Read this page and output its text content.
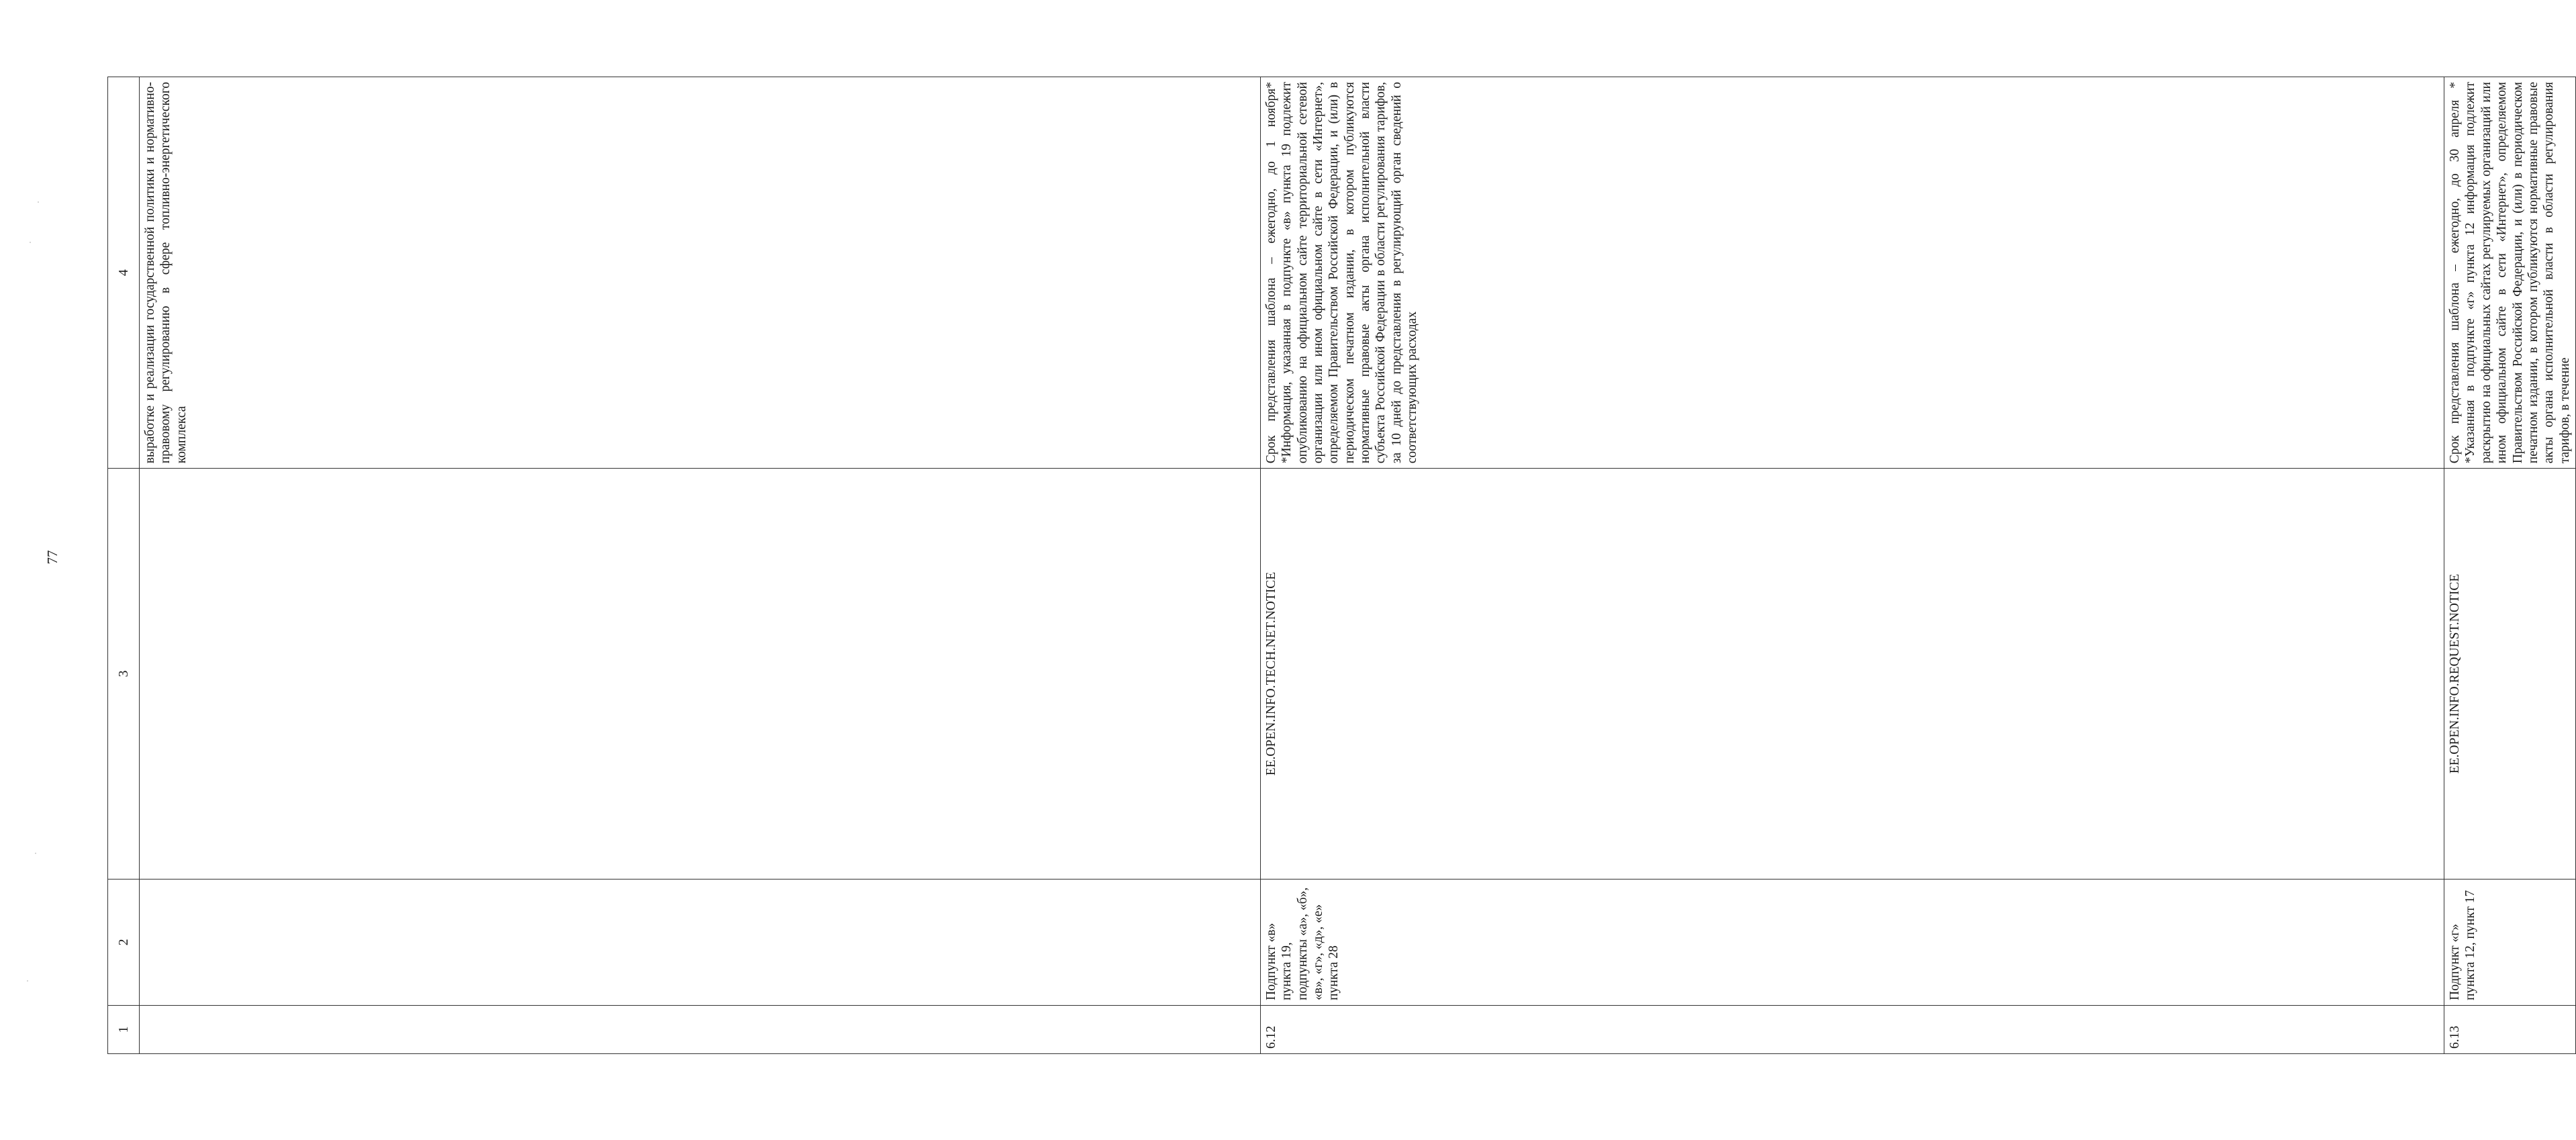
77
1	2	3	4	
			выработке и реализации государственной политики и нормативно-правовому регулированию в сфере топливно-энергетического комплекса	
6.12	Подпункт «в» пункта 19, подпункты «а», «б», «в», «г», «д», «е» пункта 28	EE.OPEN.INFO.TECH.NET.NOTICE	Срок представления шаблона – ежегодно, до 1 ноября* *Информация, указанная в подпункте «в» пункта 19 подлежит опубликованию на официальном сайте территориальной сетевой организации или ином официальном сайте в сети «Интернет», определяемом Правительством Российской Федерации, и (или) в периодическом печатном издании, в котором публикуются нормативные правовые акты органа исполнительной власти субъекта Российской Федерации в области регулирования тарифов, за 10 дней до представления в регулирующий орган сведений о соответствующих расходах	
6.13	Подпункт «г» пункта 12, пункт 17	EE.OPEN.INFO.REQUEST.NOTICE	Срок представления шаблона – ежегодно, до 30 апреля * *Указанная в подпункте «г» пункта 12 информация подлежит раскрытию на официальных сайтах регулируемых организаций или ином официальном сайте в сети «Интернет», определяемом Правительством Российской Федерации, и (или) в периодическом печатном издании, в котором публикуются нормативные правовые акты органа исполнительной власти в области регулирования тарифов, в течение	
